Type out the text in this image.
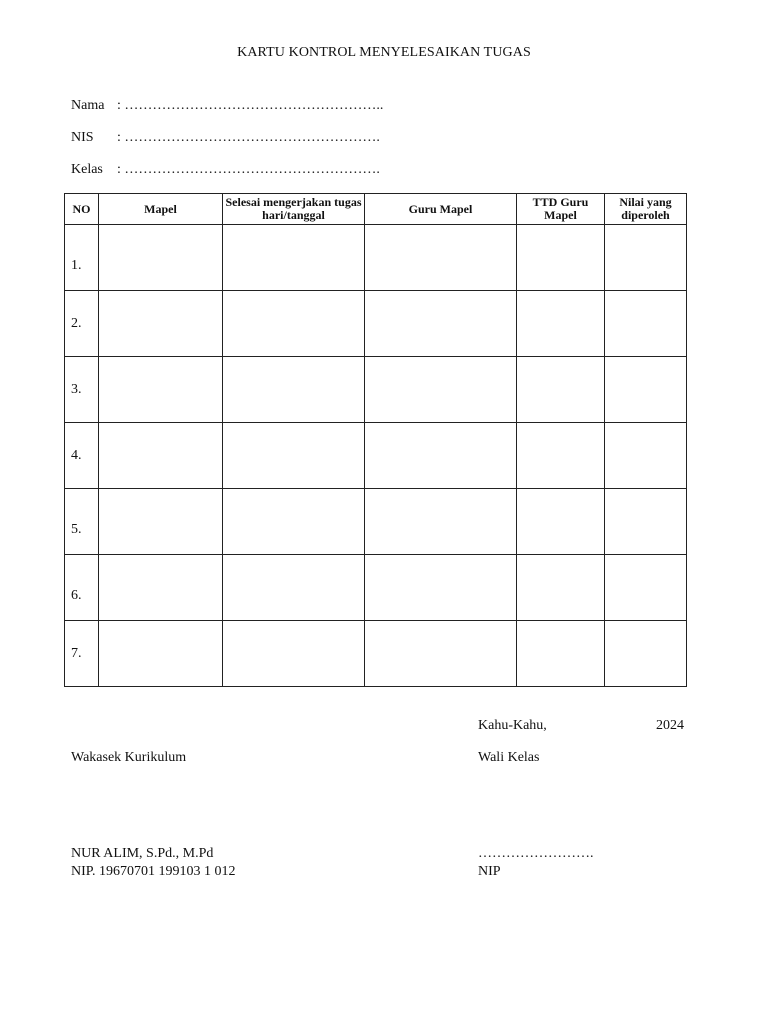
KARTU KONTROL MENYELESAIKAN TUGAS
Nama : ………………………………………………..
NIS : ……………………………………………….
Kelas : ……………………………………………….
NO	Mapel	Selesai mengerjakan tugas hari/tanggal	Guru Mapel	TTD Guru Mapel	Nilai yang diperoleh
1.					
2.					
3.					
4.					
5.					
6.					
7.					
Kahu-Kahu,	2024
Wakasek Kurikulum	Wali Kelas
NUR ALIM, S.Pd., M.Pd
NIP. 19670701 199103 1 012
…………………….
NIP
